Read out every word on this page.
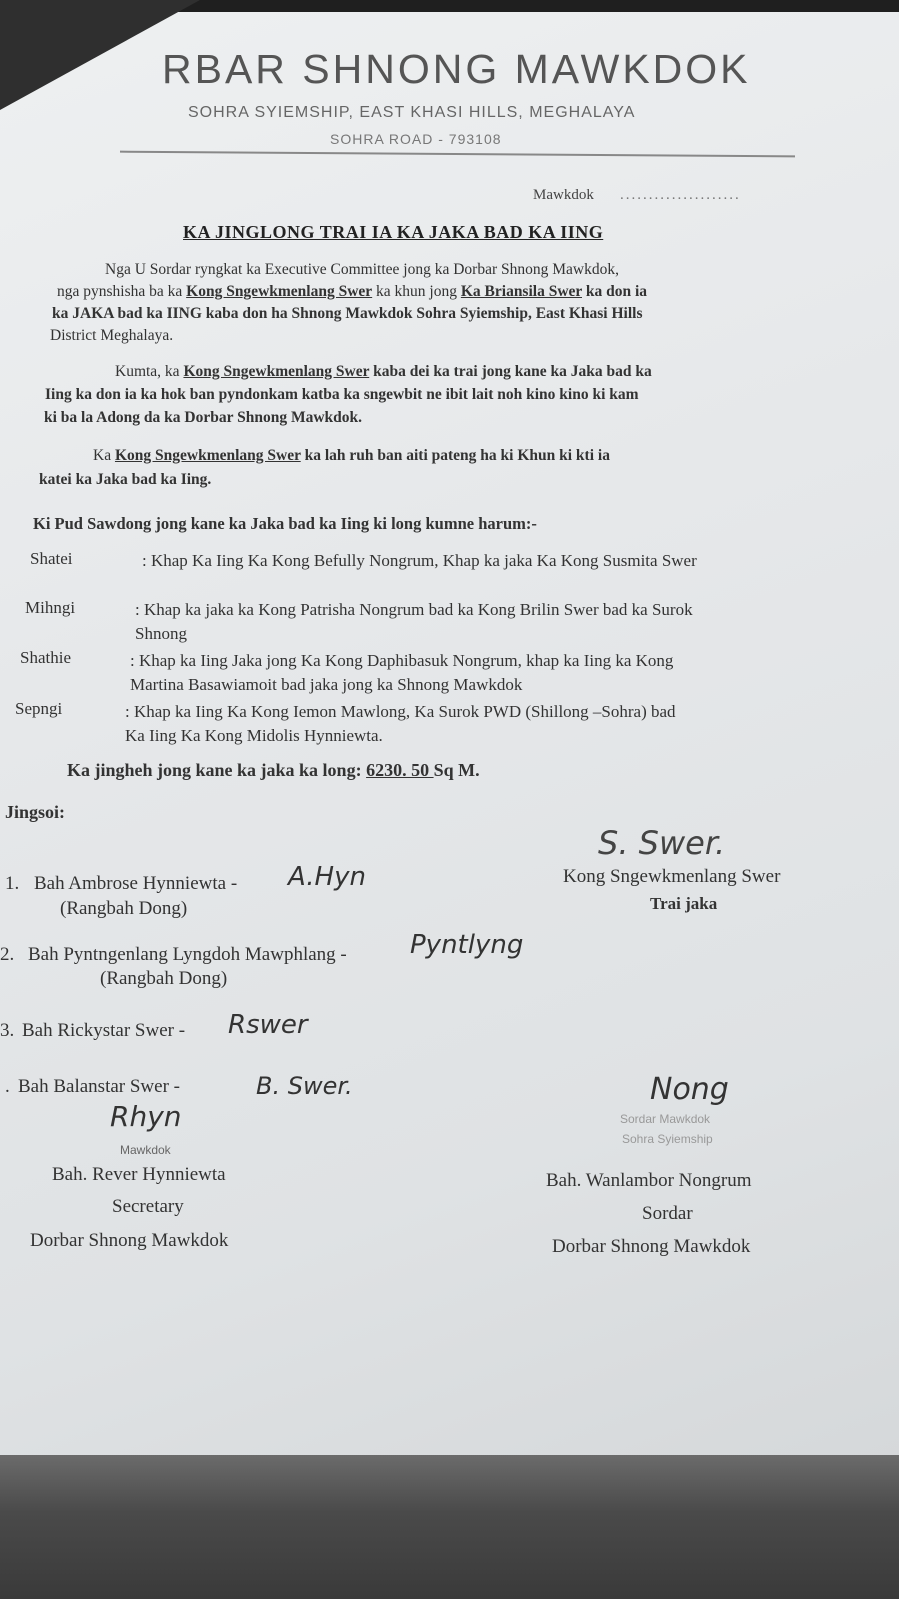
RBAR SHNONG MAWKDOK
SOHRA SYIEMSHIP, EAST KHASI HILLS, MEGHALAYA
SOHRA ROAD - 793108
Mawkdok .....................
KA JINGLONG TRAI IA KA JAKA BAD KA IING
Nga U Sordar ryngkat ka Executive Committee jong ka Dorbar Shnong Mawkdok,
nga pynshisha ba ka Kong Sngewkmenlang Swer ka khun jong Ka Briansila Swer ka don ia
ka JAKA bad ka IING kaba don ha Shnong Mawkdok Sohra Syiemship, East Khasi Hills
District Meghalaya.
Kumta, ka Kong Sngewkmenlang Swer kaba dei ka trai jong kane ka Jaka bad ka
Iing ka don ia ka hok ban pyndonkam katba ka sngewbit ne ibit lait noh kino kino ki kam
ki ba la Adong da ka Dorbar Shnong Mawkdok.
Ka Kong Sngewkmenlang Swer ka lah ruh ban aiti pateng ha ki Khun ki kti ia
katei ka Jaka bad ka Iing.
Ki Pud Sawdong jong kane ka Jaka bad ka Iing ki long kumne harum:-
Shatei	: Khap Ka Iing Ka Kong Befully Nongrum, Khap ka jaka Ka Kong Susmita Swer
Mihngi	: Khap ka jaka ka Kong Patrisha Nongrum bad ka Kong Brilin Swer bad ka Surok
Shnong
Shathie	: Khap ka Iing Jaka jong Ka Kong Daphibasuk Nongrum, khap ka Iing ka Kong
Martina Basawiamoit bad jaka jong ka Shnong Mawkdok
Sepngi	: Khap ka Iing Ka Kong Iemon Mawlong, Ka Surok PWD (Shillong –Sohra) bad
Ka Iing Ka Kong Midolis Hynniewta.
Ka jingheh jong kane ka jaka ka long: 6230. 50 Sq M.
Jingsoi:
1. Bah Ambrose Hynniewta - A.Hyn
(Rangbah Dong)
2. Bah Pyntngenlang Lyngdoh Mawphlang - Pyntlyng
(Rangbah Dong)
3. Bah Rickystar Swer - Rswer
. Bah Balanstar Swer -	B. Swer.
S. Swer.
Kong Sngewkmenlang Swer
Trai jaka
Rhyn
Mawkdok
Bah. Rever Hynniewta
Secretary
Dorbar Shnong Mawkdok
Nong
Sordar Mawkdok
Sohra Syiemship
Bah. Wanlambor Nongrum
Sordar
Dorbar Shnong Mawkdok
